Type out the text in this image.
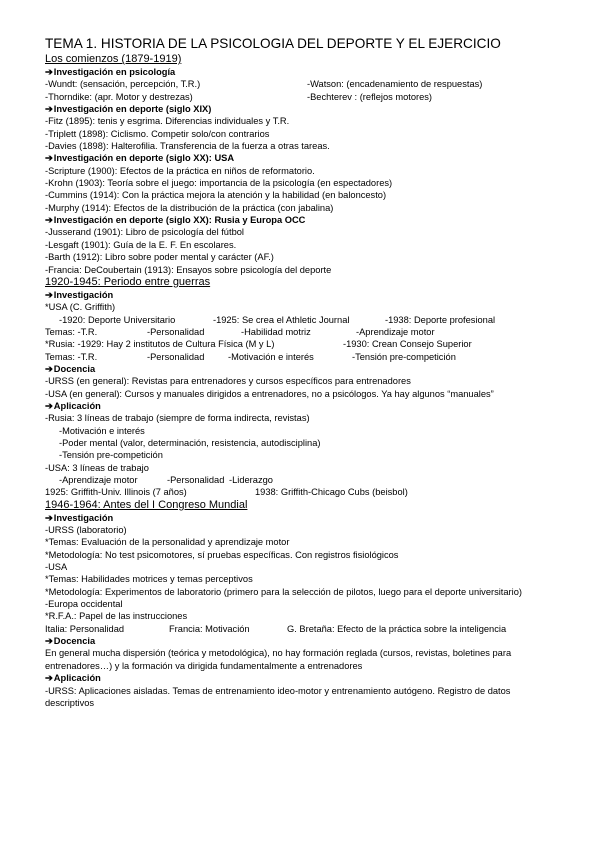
TEMA 1. HISTORIA DE LA PSICOLOGIA DEL DEPORTE Y EL EJERCICIO
Los comienzos (1879-1919)
➔Investigación en psicología
-Wundt: (sensación, percepción, T.R.)	-Watson: (encadenamiento de respuestas)
-Thorndike: (apr. Motor y destrezas)	-Bechterev : (reflejos motores)
➔Investigación en deporte (siglo XIX)
-Fitz (1895): tenis y esgrima. Diferencias individuales y T.R.
-Triplett (1898): Ciclismo. Competir solo/con contrarios
-Davies (1898): Halterofilia. Transferencia de la fuerza a otras tareas.
➔Investigación en deporte (siglo XX): USA
-Scripture (1900): Efectos de la práctica en niños de reformatorio.
-Krohn (1903): Teoría sobre el juego: importancia de la psicología (en espectadores)
-Cummins (1914): Con la práctica mejora la atención y la habilidad (en baloncesto)
-Murphy (1914): Efectos de la distribución de la práctica (con jabalina)
➔Investigación en deporte (siglo XX): Rusia y Europa OCC
-Jusserand (1901): Libro de psicología del fútbol
-Lesgaft (1901): Guía de la E. F. En escolares.
-Barth (1912): Libro sobre poder mental y carácter (AF.)
-Francia: DeCoubertain (1913): Ensayos sobre psicología del deporte
1920-1945: Periodo entre guerras
➔Investigación
*USA (C. Griffith)
-1920: Deporte Universitario	-1925: Se crea el Athletic Journal	-1938: Deporte profesional
Temas: -T.R.	-Personalidad	-Habilidad motriz	-Aprendizaje motor
*Rusia: -1929: Hay 2 institutos de Cultura Física (M y L)	-1930: Crean Consejo Superior
Temas: -T.R.	-Personalidad	-Motivación e interés	-Tensión pre-competición
➔Docencia
-URSS (en general): Revistas para entrenadores y cursos específicos para entrenadores
-USA (en general): Cursos y manuales dirigidos a entrenadores, no a psicólogos. Ya hay algunos “manuales”
➔Aplicación
-Rusia: 3 líneas de trabajo (siempre de forma indirecta, revistas)
-Motivación e interés
-Poder mental (valor, determinación, resistencia, autodisciplina)
-Tensión pre-competición
-USA: 3 líneas de trabajo
-Aprendizaje motor	-Personalidad -Liderazgo
1925: Griffith-Univ. Illinois (7 años)	1938: Griffith-Chicago Cubs (beisbol)
1946-1964: Antes del I Congreso Mundial
➔Investigación
-URSS (laboratorio)
*Temas: Evaluación de la personalidad y aprendizaje motor
*Metodología: No test psicomotores, sí pruebas específicas. Con registros fisiológicos
-USA
*Temas: Habilidades motrices y temas perceptivos
*Metodología: Experimentos de laboratorio (primero para la selección de pilotos, luego para el deporte universitario)
-Europa occidental
*R.F.A.: Papel de las instrucciones
Italia: Personalidad	Francia: Motivación	G. Bretaña: Efecto de la práctica sobre la inteligencia
➔Docencia
En general mucha dispersión (teórica y metodológica), no hay formación reglada (cursos, revistas, boletines para entrenadores…) y la formación va dirigida fundamentalmente a entrenadores
➔Aplicación
-URSS: Aplicaciones aisladas. Temas de entrenamiento ideo-motor y entrenamiento autógeno. Registro de datos descriptivos
